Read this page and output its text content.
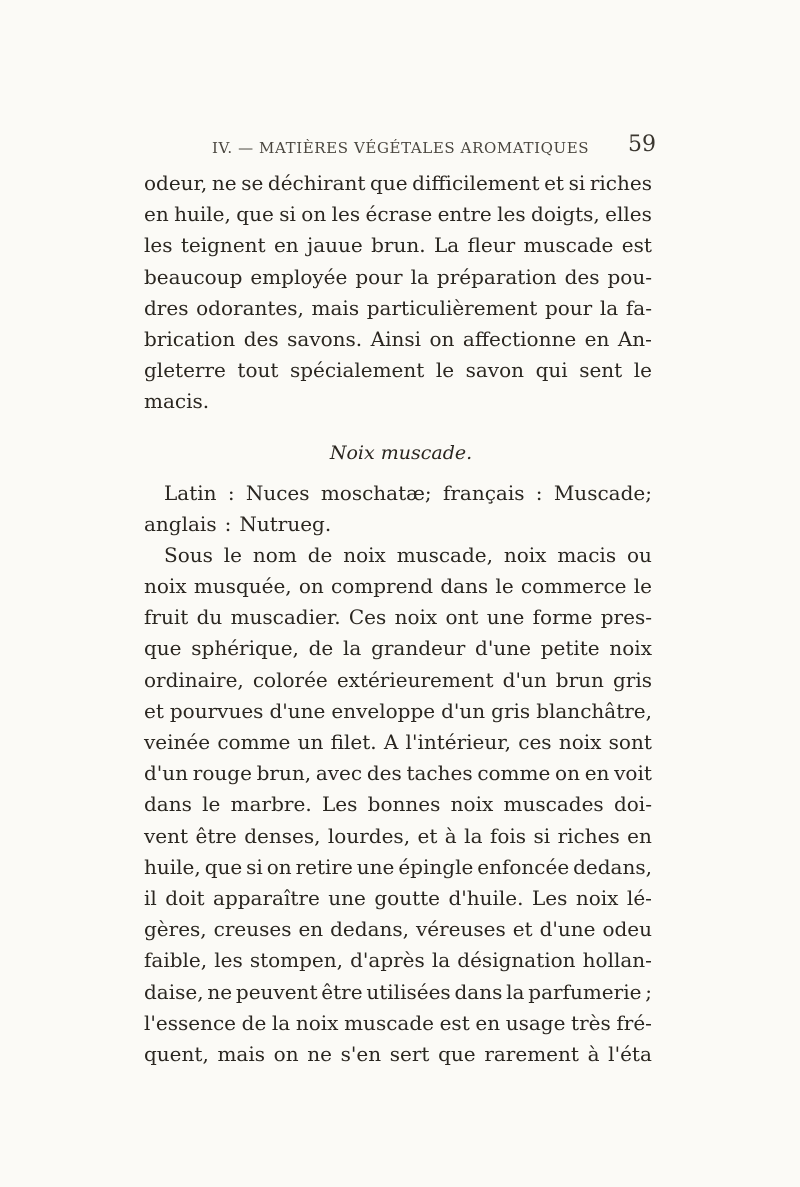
IV. — MATIÈRES VÉGÉTALES AROMATIQUES 59
odeur, ne se déchirant que difficilement et si riches
en huile, que si on les écrase entre les doigts, elles
les teignent en jauue brun. La fleur muscade est
beaucoup employée pour la préparation des pou-
dres odorantes, mais particulièrement pour la fa-
brication des savons. Ainsi on affectionne en An-
gleterre tout spécialement le savon qui sent le
macis.
Noix muscade.
Latin : Nuces moschatæ; français : Muscade;
anglais : Nutrueg.
Sous le nom de noix muscade, noix macis ou
noix musquée, on comprend dans le commerce le
fruit du muscadier. Ces noix ont une forme pres-
que sphérique, de la grandeur d'une petite noix
ordinaire, colorée extérieurement d'un brun gris
et pourvues d'une enveloppe d'un gris blanchâtre,
veinée comme un filet. A l'intérieur, ces noix sont
d'un rouge brun, avec des taches comme on en voit
dans le marbre. Les bonnes noix muscades doi-
vent être denses, lourdes, et à la fois si riches en
huile, que si on retire une épingle enfoncée dedans,
il doit apparaître une goutte d'huile. Les noix lé-
gères, creuses en dedans, véreuses et d'une odeu
faible, les stompen, d'après la désignation hollan-
daise, ne peuvent être utilisées dans la parfumerie ;
l'essence de la noix muscade est en usage très fré-
quent, mais on ne s'en sert que rarement à l'éta
